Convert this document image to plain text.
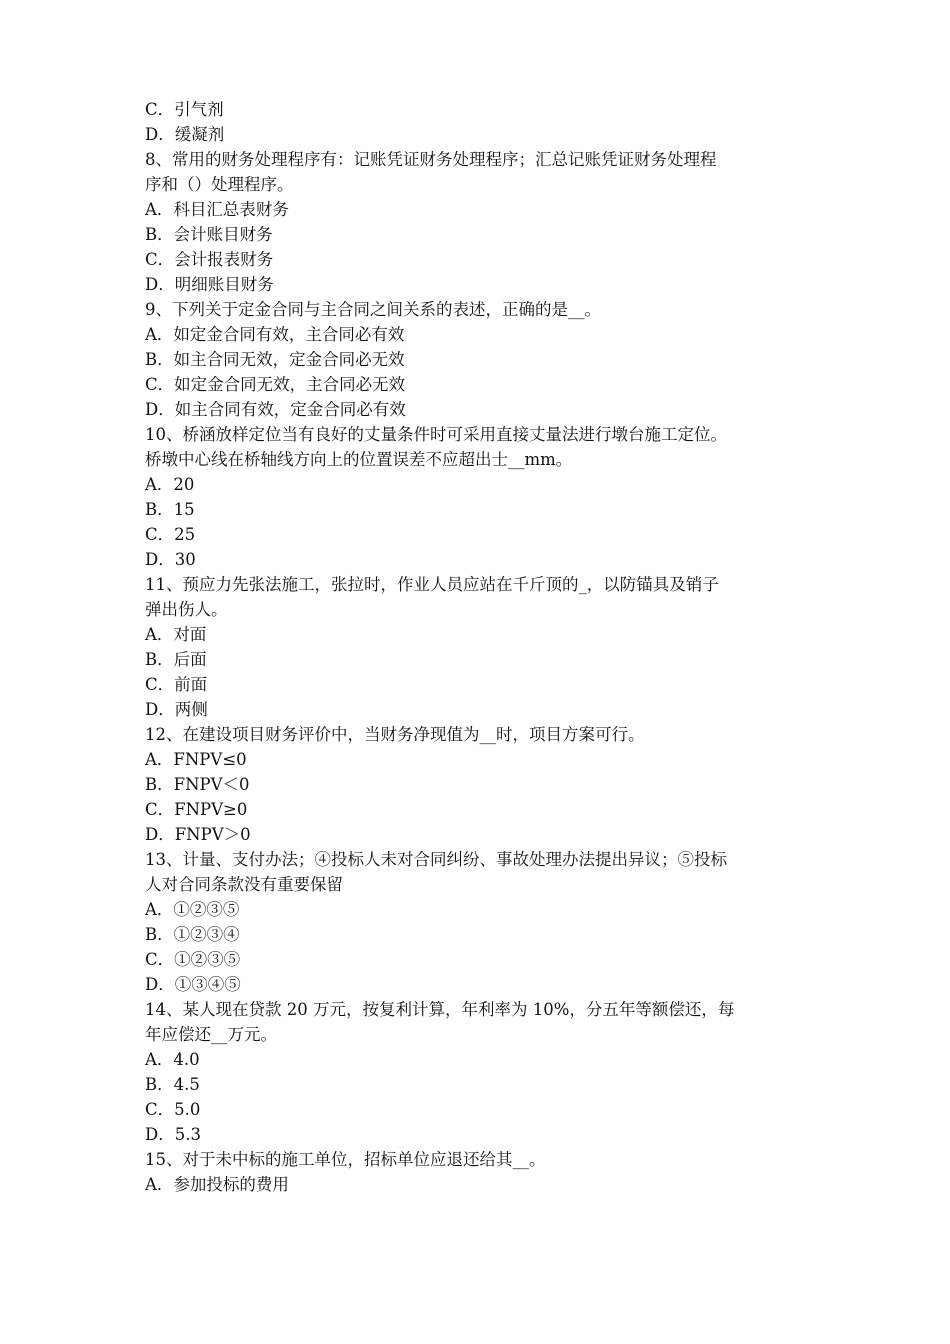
C．引气剂
D．缓凝剂
8、常用的财务处理程序有：记账凭证财务处理程序；汇总记账凭证财务处理程
序和（）处理程序。
A．科目汇总表财务
B．会计账目财务
C．会计报表财务
D．明细账目财务
9、下列关于定金合同与主合同之间关系的表述，正确的是__。
A．如定金合同有效，主合同必有效
B．如主合同无效，定金合同必无效
C．如定金合同无效，主合同必无效
D．如主合同有效，定金合同必有效
10、桥涵放样定位当有良好的丈量条件时可采用直接丈量法进行墩台施工定位。
桥墩中心线在桥轴线方向上的位置误差不应超出士__mm。
A．20
B．15
C．25
D．30
11、预应力先张法施工，张拉时，作业人员应站在千斤顶的_，以防锚具及销子
弹出伤人。
A．对面
B．后面
C．前面
D．两侧
12、在建设项目财务评价中，当财务净现值为__时，项目方案可行。
A．FNPV≤0
B．FNPV＜0
C．FNPV≥0
D．FNPV＞0
13、计量、支付办法；④投标人未对合同纠纷、事故处理办法提出异议；⑤投标
人对合同条款没有重要保留
A．①②③⑤
B．①②③④
C．①②③⑤
D．①③④⑤
14、某人现在贷款 20 万元，按复利计算，年利率为 10%，分五年等额偿还，每
年应偿还__万元。
A．4.0
B．4.5
C．5.0
D．5.3
15、对于未中标的施工单位，招标单位应退还给其__。
A．参加投标的费用
